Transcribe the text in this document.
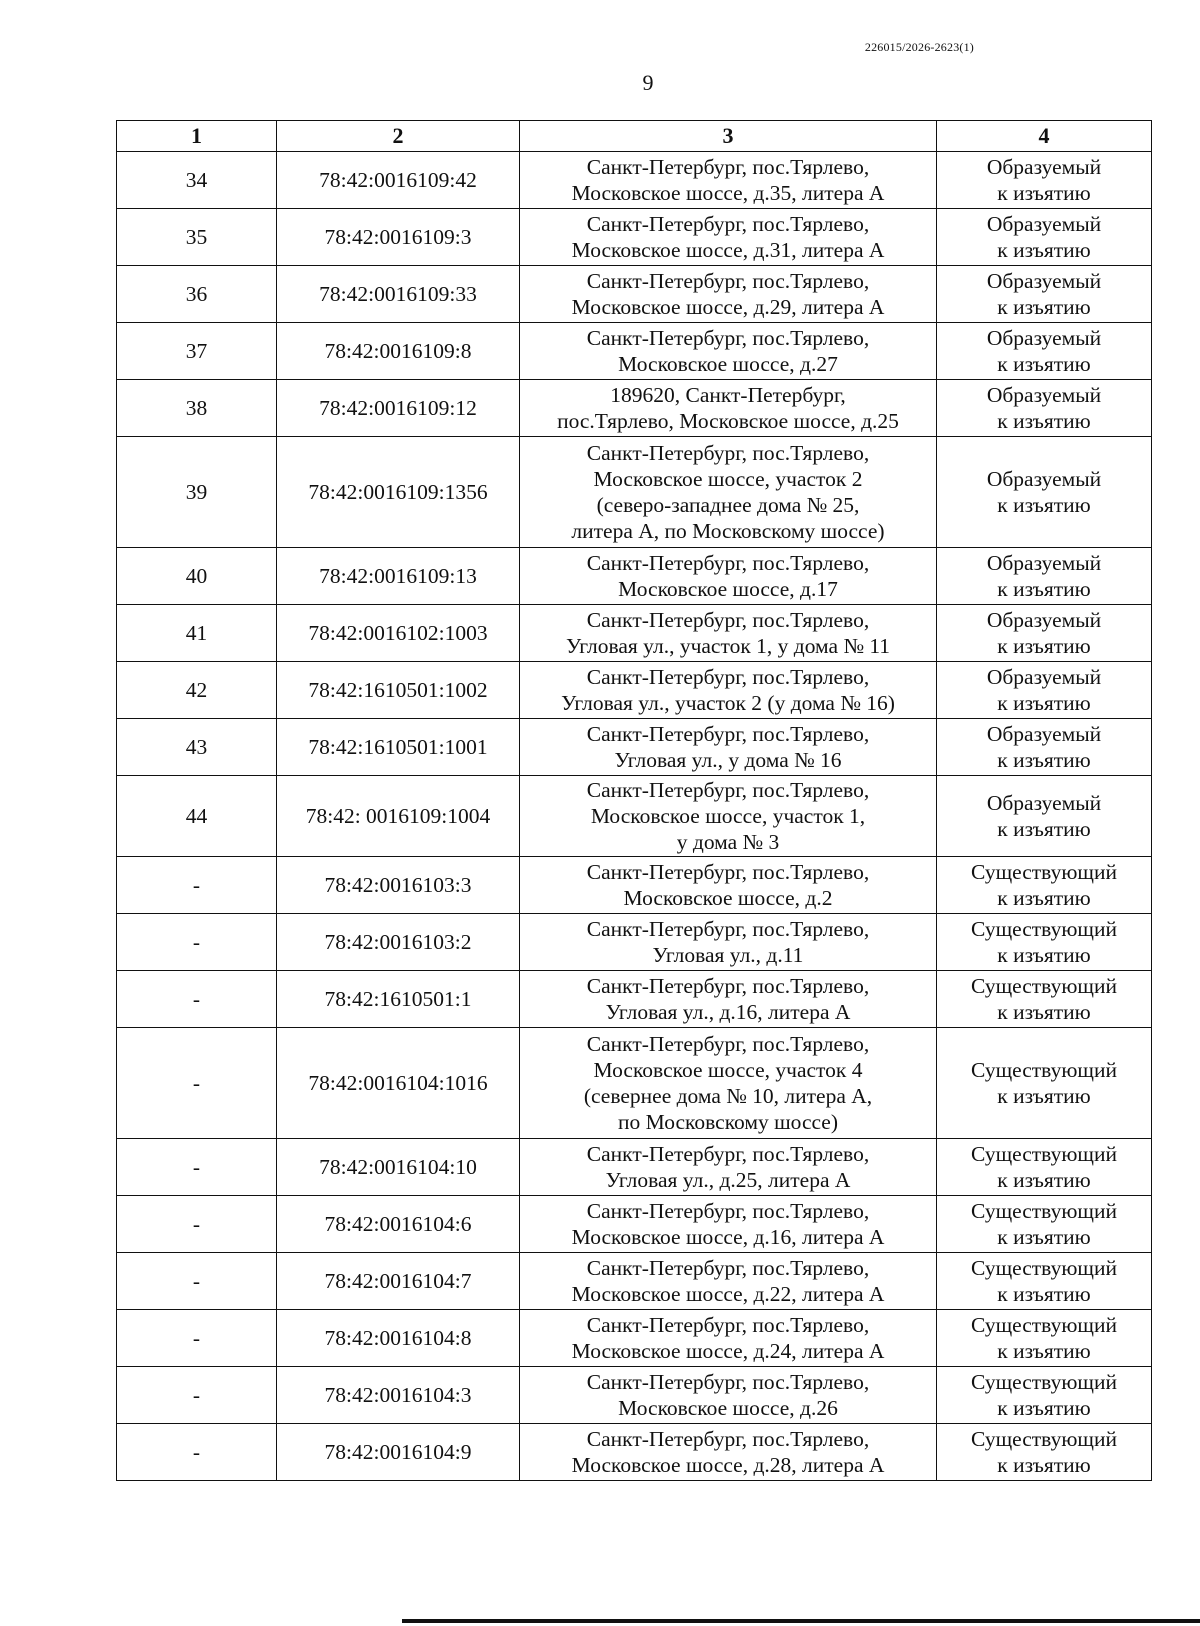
226015/2026-2623(1)
9
1	2	3	4
34	78:42:0016109:42	Санкт-Петербург, пос.Тярлево,
Московское шоссе, д.35, литера А	Образуемый
к изъятию
35	78:42:0016109:3	Санкт-Петербург, пос.Тярлево,
Московское шоссе, д.31, литера А	Образуемый
к изъятию
36	78:42:0016109:33	Санкт-Петербург, пос.Тярлево,
Московское шоссе, д.29, литера А	Образуемый
к изъятию
37	78:42:0016109:8	Санкт-Петербург, пос.Тярлево,
Московское шоссе, д.27	Образуемый
к изъятию
38	78:42:0016109:12	189620, Санкт-Петербург,
пос.Тярлево, Московское шоссе, д.25	Образуемый
к изъятию
39	78:42:0016109:1356	Санкт-Петербург, пос.Тярлево,
Московское шоссе, участок 2
(северо-западнее дома № 25,
литера А, по Московскому шоссе)	Образуемый
к изъятию
40	78:42:0016109:13	Санкт-Петербург, пос.Тярлево,
Московское шоссе, д.17	Образуемый
к изъятию
41	78:42:0016102:1003	Санкт-Петербург, пос.Тярлево,
Угловая ул., участок 1, у дома № 11	Образуемый
к изъятию
42	78:42:1610501:1002	Санкт-Петербург, пос.Тярлево,
Угловая ул., участок 2 (у дома № 16)	Образуемый
к изъятию
43	78:42:1610501:1001	Санкт-Петербург, пос.Тярлево,
Угловая ул., у дома № 16	Образуемый
к изъятию
44	78:42: 0016109:1004	Санкт-Петербург, пос.Тярлево,
Московское шоссе, участок 1,
у дома № 3	Образуемый
к изъятию
-	78:42:0016103:3	Санкт-Петербург, пос.Тярлево,
Московское шоссе, д.2	Существующий
к изъятию
-	78:42:0016103:2	Санкт-Петербург, пос.Тярлево,
Угловая ул., д.11	Существующий
к изъятию
-	78:42:1610501:1	Санкт-Петербург, пос.Тярлево,
Угловая ул., д.16, литера А	Существующий
к изъятию
-	78:42:0016104:1016	Санкт-Петербург, пос.Тярлево,
Московское шоссе, участок 4
(севернее дома № 10, литера А,
по Московскому шоссе)	Существующий
к изъятию
-	78:42:0016104:10	Санкт-Петербург, пос.Тярлево,
Угловая ул., д.25, литера А	Существующий
к изъятию
-	78:42:0016104:6	Санкт-Петербург, пос.Тярлево,
Московское шоссе, д.16, литера А	Существующий
к изъятию
-	78:42:0016104:7	Санкт-Петербург, пос.Тярлево,
Московское шоссе, д.22, литера А	Существующий
к изъятию
-	78:42:0016104:8	Санкт-Петербург, пос.Тярлево,
Московское шоссе, д.24, литера А	Существующий
к изъятию
-	78:42:0016104:3	Санкт-Петербург, пос.Тярлево,
Московское шоссе, д.26	Существующий
к изъятию
-	78:42:0016104:9	Санкт-Петербург, пос.Тярлево,
Московское шоссе, д.28, литера А	Существующий
к изъятию
